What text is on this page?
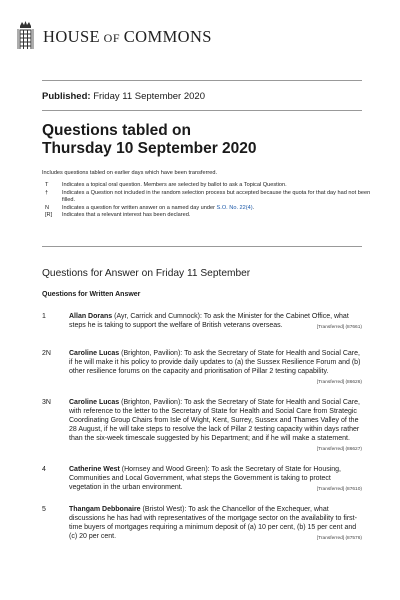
HOUSE OF COMMONS
Published: Friday 11 September 2020
Questions tabled on
Thursday 10 September 2020
Includes questions tabled on earlier days which have been transferred.
T	Indicates a topical oral question. Members are selected by ballot to ask a Topical Question.
†	Indicates a Question not included in the random selection process but accepted because the quota for that day had not been filled.
N	Indicates a question for written answer on a named day under S.O. No. 22(4).
[R]	Indicates that a relevant interest has been declared.
Questions for Answer on Friday 11 September
Questions for Written Answer
1	Allan Dorans (Ayr, Carrick and Cumnock): To ask the Minister for the Cabinet Office, what steps he is taking to support the welfare of British veterans overseas.	[Transferred] (87661)
2N	Caroline Lucas (Brighton, Pavilion): To ask the Secretary of State for Health and Social Care, if he will make it his policy to provide daily updates to (a) the Sussex Resilience Forum and (b) other resilience forums on the capacity and prioritisation of Pillar 2 testing capability.
[Transferred] (86626)
3N	Caroline Lucas (Brighton, Pavilion): To ask the Secretary of State for Health and Social Care, with reference to the letter to the Secretary of State for Health and Social Care from Strategic Coordinating Group Chairs from Isle of Wight, Kent, Surrey, Sussex and Thames Valley of the 28 August, if he will take steps to resolve the lack of Pillar 2 testing capacity within days rather than the six-week timescale suggested by his Department; and if he will make a statement.
[Transferred] (86627)
4	Catherine West (Hornsey and Wood Green): To ask the Secretary of State for Housing, Communities and Local Government, what steps the Government is taking to protect vegetation in the urban environment.	[Transferred] (87610)
5	Thangam Debbonaire (Bristol West): To ask the Chancellor of the Exchequer, what discussions he has had with representatives of the mortgage sector on the availability to first-time buyers of mortgages requiring a minimum deposit of (a) 10 per cent, (b) 15 per cent and (c) 20 per cent.	[Transferred] (87576)
